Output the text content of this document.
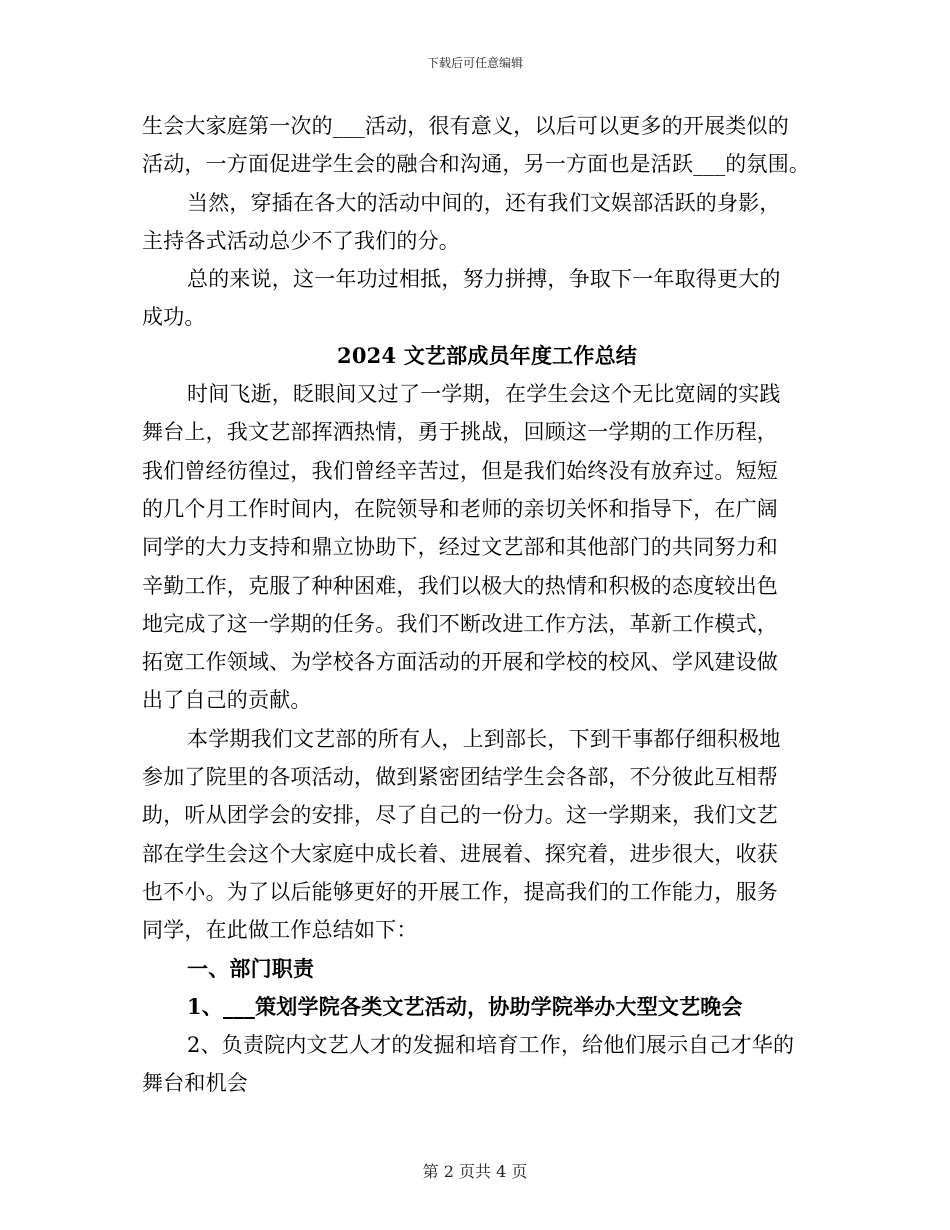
下载后可任意编辑
生会大家庭第一次的___活动，很有意义，以后可以更多的开展类似的
活动，一方面促进学生会的融合和沟通，另一方面也是活跃___的氛围。
当然，穿插在各大的活动中间的，还有我们文娱部活跃的身影，
主持各式活动总少不了我们的分。
总的来说，这一年功过相抵，努力拼搏，争取下一年取得更大的
成功。
2024 文艺部成员年度工作总结
时间飞逝，眨眼间又过了一学期，在学生会这个无比宽阔的实践
舞台上，我文艺部挥洒热情，勇于挑战，回顾这一学期的工作历程，
我们曾经彷徨过，我们曾经辛苦过，但是我们始终没有放弃过。短短
的几个月工作时间内，在院领导和老师的亲切关怀和指导下，在广阔
同学的大力支持和鼎立协助下，经过文艺部和其他部门的共同努力和
辛勤工作，克服了种种困难，我们以极大的热情和积极的态度较出色
地完成了这一学期的任务。我们不断改进工作方法，革新工作模式，
拓宽工作领域、为学校各方面活动的开展和学校的校风、学风建设做
出了自己的贡献。
本学期我们文艺部的所有人，上到部长，下到干事都仔细积极地
参加了院里的各项活动，做到紧密团结学生会各部，不分彼此互相帮
助，听从团学会的安排，尽了自己的一份力。这一学期来，我们文艺
部在学生会这个大家庭中成长着、进展着、探究着，进步很大，收获
也不小。为了以后能够更好的开展工作，提高我们的工作能力，服务
同学，在此做工作总结如下：
一、部门职责
1、___策划学院各类文艺活动，协助学院举办大型文艺晚会
2、负责院内文艺人才的发掘和培育工作，给他们展示自己才华的
舞台和机会
第 2 页共 4 页
